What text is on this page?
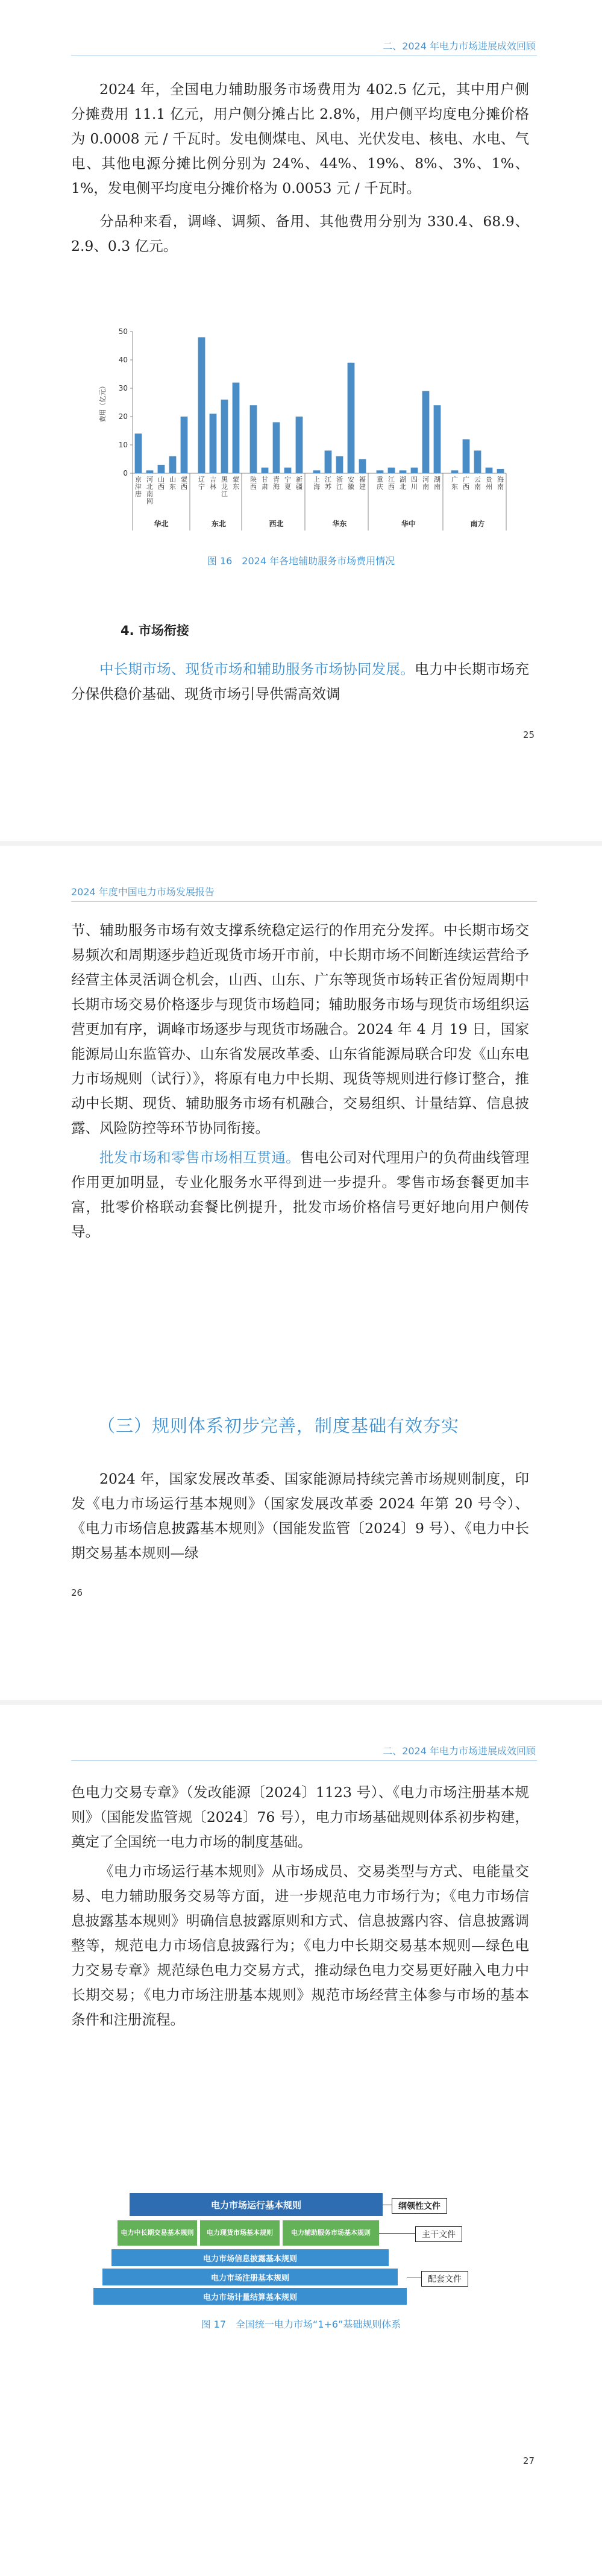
二、2024 年电力市场进展成效回顾

2024 年，全国电力辅助服务市场费用为 402.5 亿元，其中用户侧分摊费用 11.1 亿元，用户侧分摊占比 2.8%，用户侧平均度电分摊价格为 0.0008 元 / 千瓦时。发电侧煤电、风电、光伏发电、核电、水电、气电、其他电源分摊比例分别为 24%、44%、19%、8%、3%、1%、1%，发电侧平均度电分摊价格为 0.0053 元 / 千瓦时。

分品种来看，调峰、调频、备用、其他费用分别为 330.4、68.9、2.9、0.3 亿元。

费用（亿元）
0
10
20
30
40
50
京津唐
河北南网
山西
山东
蒙西
辽宁
吉林
黑龙江
蒙东
陕西
甘肃
青海
宁夏
新疆
上海
江苏
浙江
安徽
福建
重庆
江西
湖北
四川
河南
湖南
广东
广西
云南
贵州
海南
华北	东北	西北	华东	华中	南方
图 16　2024 年各地辅助服务市场费用情况
4. 市场衔接

中长期市场、现货市场和辅助服务市场协同发展。电力中长期市场充分保供稳价基础、现货市场引导供需高效调

25
2024 年度中国电力市场发展报告

节、辅助服务市场有效支撑系统稳定运行的作用充分发挥。中长期市场交易频次和周期逐步趋近现货市场开市前，中长期市场不间断连续运营给予经营主体灵活调仓机会，山西、山东、广东等现货市场转正省份短周期中长期市场交易价格逐步与现货市场趋同；辅助服务市场与现货市场组织运营更加有序，调峰市场逐步与现货市场融合。2024 年 4 月 19 日，国家能源局山东监管办、山东省发展改革委、山东省能源局联合印发《山东电力市场规则（试行）》，将原有电力中长期、现货等规则进行修订整合，推动中长期、现货、辅助服务市场有机融合，交易组织、计量结算、信息披露、风险防控等环节协同衔接。

批发市场和零售市场相互贯通。售电公司对代理用户的负荷曲线管理作用更加明显，专业化服务水平得到进一步提升。零售市场套餐更加丰富，批零价格联动套餐比例提升，批发市场价格信号更好地向用户侧传导。

（三）规则体系初步完善，制度基础有效夯实

2024 年，国家发展改革委、国家能源局持续完善市场规则制度，印发《电力市场运行基本规则》（国家发展改革委 2024 年第 20 号令）、《电力市场信息披露基本规则》（国能发监管〔2024〕9 号）、《电力中长期交易基本规则—绿

26
二、2024 年电力市场进展成效回顾

色电力交易专章》（发改能源〔2024〕1123 号）、《电力市场注册基本规则》（国能发监管规〔2024〕76 号），电力市场基础规则体系初步构建，奠定了全国统一电力市场的制度基础。

《电力市场运行基本规则》从市场成员、交易类型与方式、电能量交易、电力辅助服务交易等方面，进一步规范电力市场行为；《电力市场信息披露基本规则》明确信息披露原则和方式、信息披露内容、信息披露调整等，规范电力市场信息披露行为；《电力中长期交易基本规则—绿色电力交易专章》规范绿色电力交易方式，推动绿色电力交易更好融入电力中长期交易；《电力市场注册基本规则》规范市场经营主体参与市场的基本条件和注册流程。

电力市场运行基本规则
电力中长期交易基本规则	电力现货市场基本规则	电力辅助服务市场基本规则
电力市场信息披露基本规则
电力市场注册基本规则
电力市场计量结算基本规则
纲领性文件
主干文件
配套文件
图 17　全国统一电力市场“1+6”基础规则体系
27
